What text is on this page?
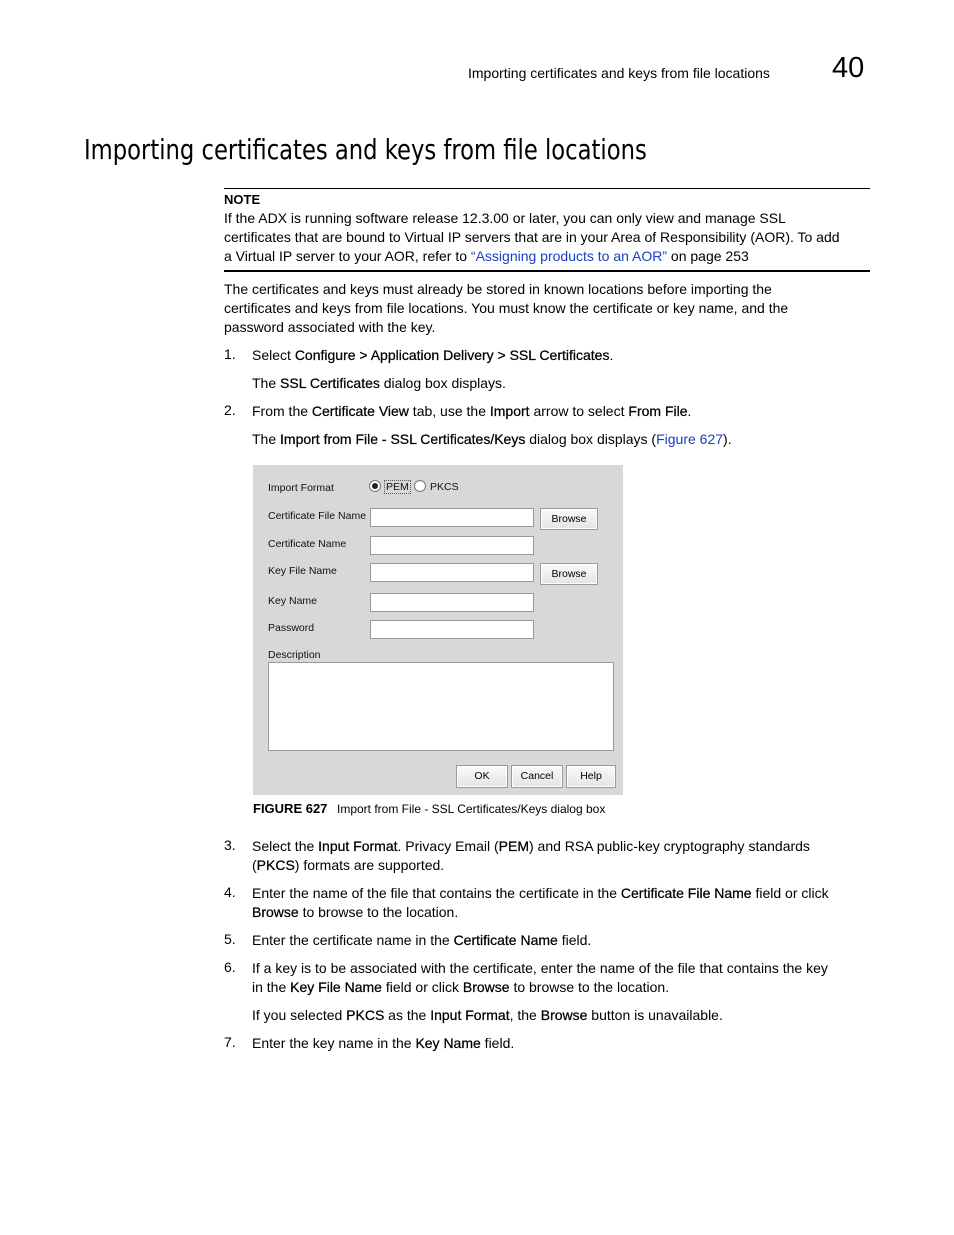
Importing certificates and keys from file locations 40
Importing certificates and keys from file locations
NOTE
If the ADX is running software release 12.3.00 or later, you can only view and manage SSL
certificates that are bound to Virtual IP servers that are in your Area of Responsibility (AOR). To add
a Virtual IP server to your AOR, refer to “Assigning products to an AOR” on page 253
The certificates and keys must already be stored in known locations before importing the
certificates and keys from file locations. You must know the certificate or key name, and the
password associated with the key.
1. Select Configure > Application Delivery > SSL Certificates.
The SSL Certificates dialog box displays.
2. From the Certificate View tab, use the Import arrow to select From File.
The Import from File - SSL Certificates/Keys dialog box displays (Figure 627).
Import Format	PEM PKCS
Certificate File Name	Browse
Certificate Name
Key File Name	Browse
Key Name
Password
Description
OK	Cancel	Help
FIGURE 627 Import from File - SSL Certificates/Keys dialog box
3. Select the Input Format. Privacy Email (PEM) and RSA public-key cryptography standards
(PKCS) formats are supported.
4. Enter the name of the file that contains the certificate in the Certificate File Name field or click
Browse to browse to the location.
5. Enter the certificate name in the Certificate Name field.
6. If a key is to be associated with the certificate, enter the name of the file that contains the key
in the Key File Name field or click Browse to browse to the location.
If you selected PKCS as the Input Format, the Browse button is unavailable.
7. Enter the key name in the Key Name field.
